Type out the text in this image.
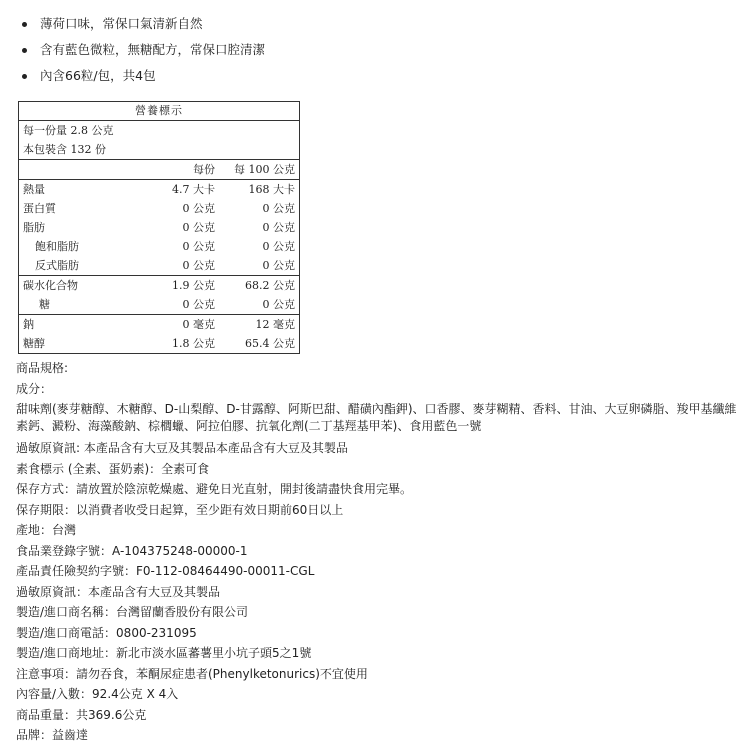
薄荷口味，常保口氣清新自然
含有藍色微粒，無糖配方，常保口腔清潔
內含66粒/包，共4包
營養標示
每一份量 2.8 公克
本包裝含 132 份
每份	每 100 公克
熱量	4.7 大卡	168 大卡
蛋白質	0 公克	0 公克
脂肪	0 公克	0 公克
飽和脂肪	0 公克	0 公克
反式脂肪	0 公克	0 公克
碳水化合物	1.9 公克	68.2 公克
糖	0 公克	0 公克
鈉	0 毫克	12 毫克
糖醇	1.8 公克	65.4 公克
商品規格:
成分：
甜味劑(麥芽糖醇、木糖醇、D-山梨醇、D-甘露醇、阿斯巴甜、醋磺內酯鉀)、口香膠、麥芽糊精、香料、甘油、大豆卵磷脂、羧甲基纖維素鈣、澱粉、海藻酸鈉、棕櫚蠟、阿拉伯膠、抗氧化劑(二丁基羥基甲苯)、食用藍色一號
過敏原資訊: 本產品含有大豆及其製品本產品含有大豆及其製品
素食標示 (全素、蛋奶素)：全素可食
保存方式：請放置於陰涼乾燥處、避免日光直射，開封後請盡快食用完畢。
保存期限：以消費者收受日起算，至少距有效日期前60日以上
產地：台灣
食品業登錄字號：A-104375248-00000-1
產品責任險契約字號：F0-112-08464490-00011-CGL
過敏原資訊：本產品含有大豆及其製品
製造/進口商名稱：台灣留蘭香股份有限公司
製造/進口商電話：0800-231095
製造/進口商地址：新北市淡水區蕃薯里小坑子頭5之1號
注意事項：請勿吞食，苯酮尿症患者(Phenylketonurics)不宜使用
內容量/入數：92.4公克 X 4入
商品重量：共369.6公克
品牌：益齒達
